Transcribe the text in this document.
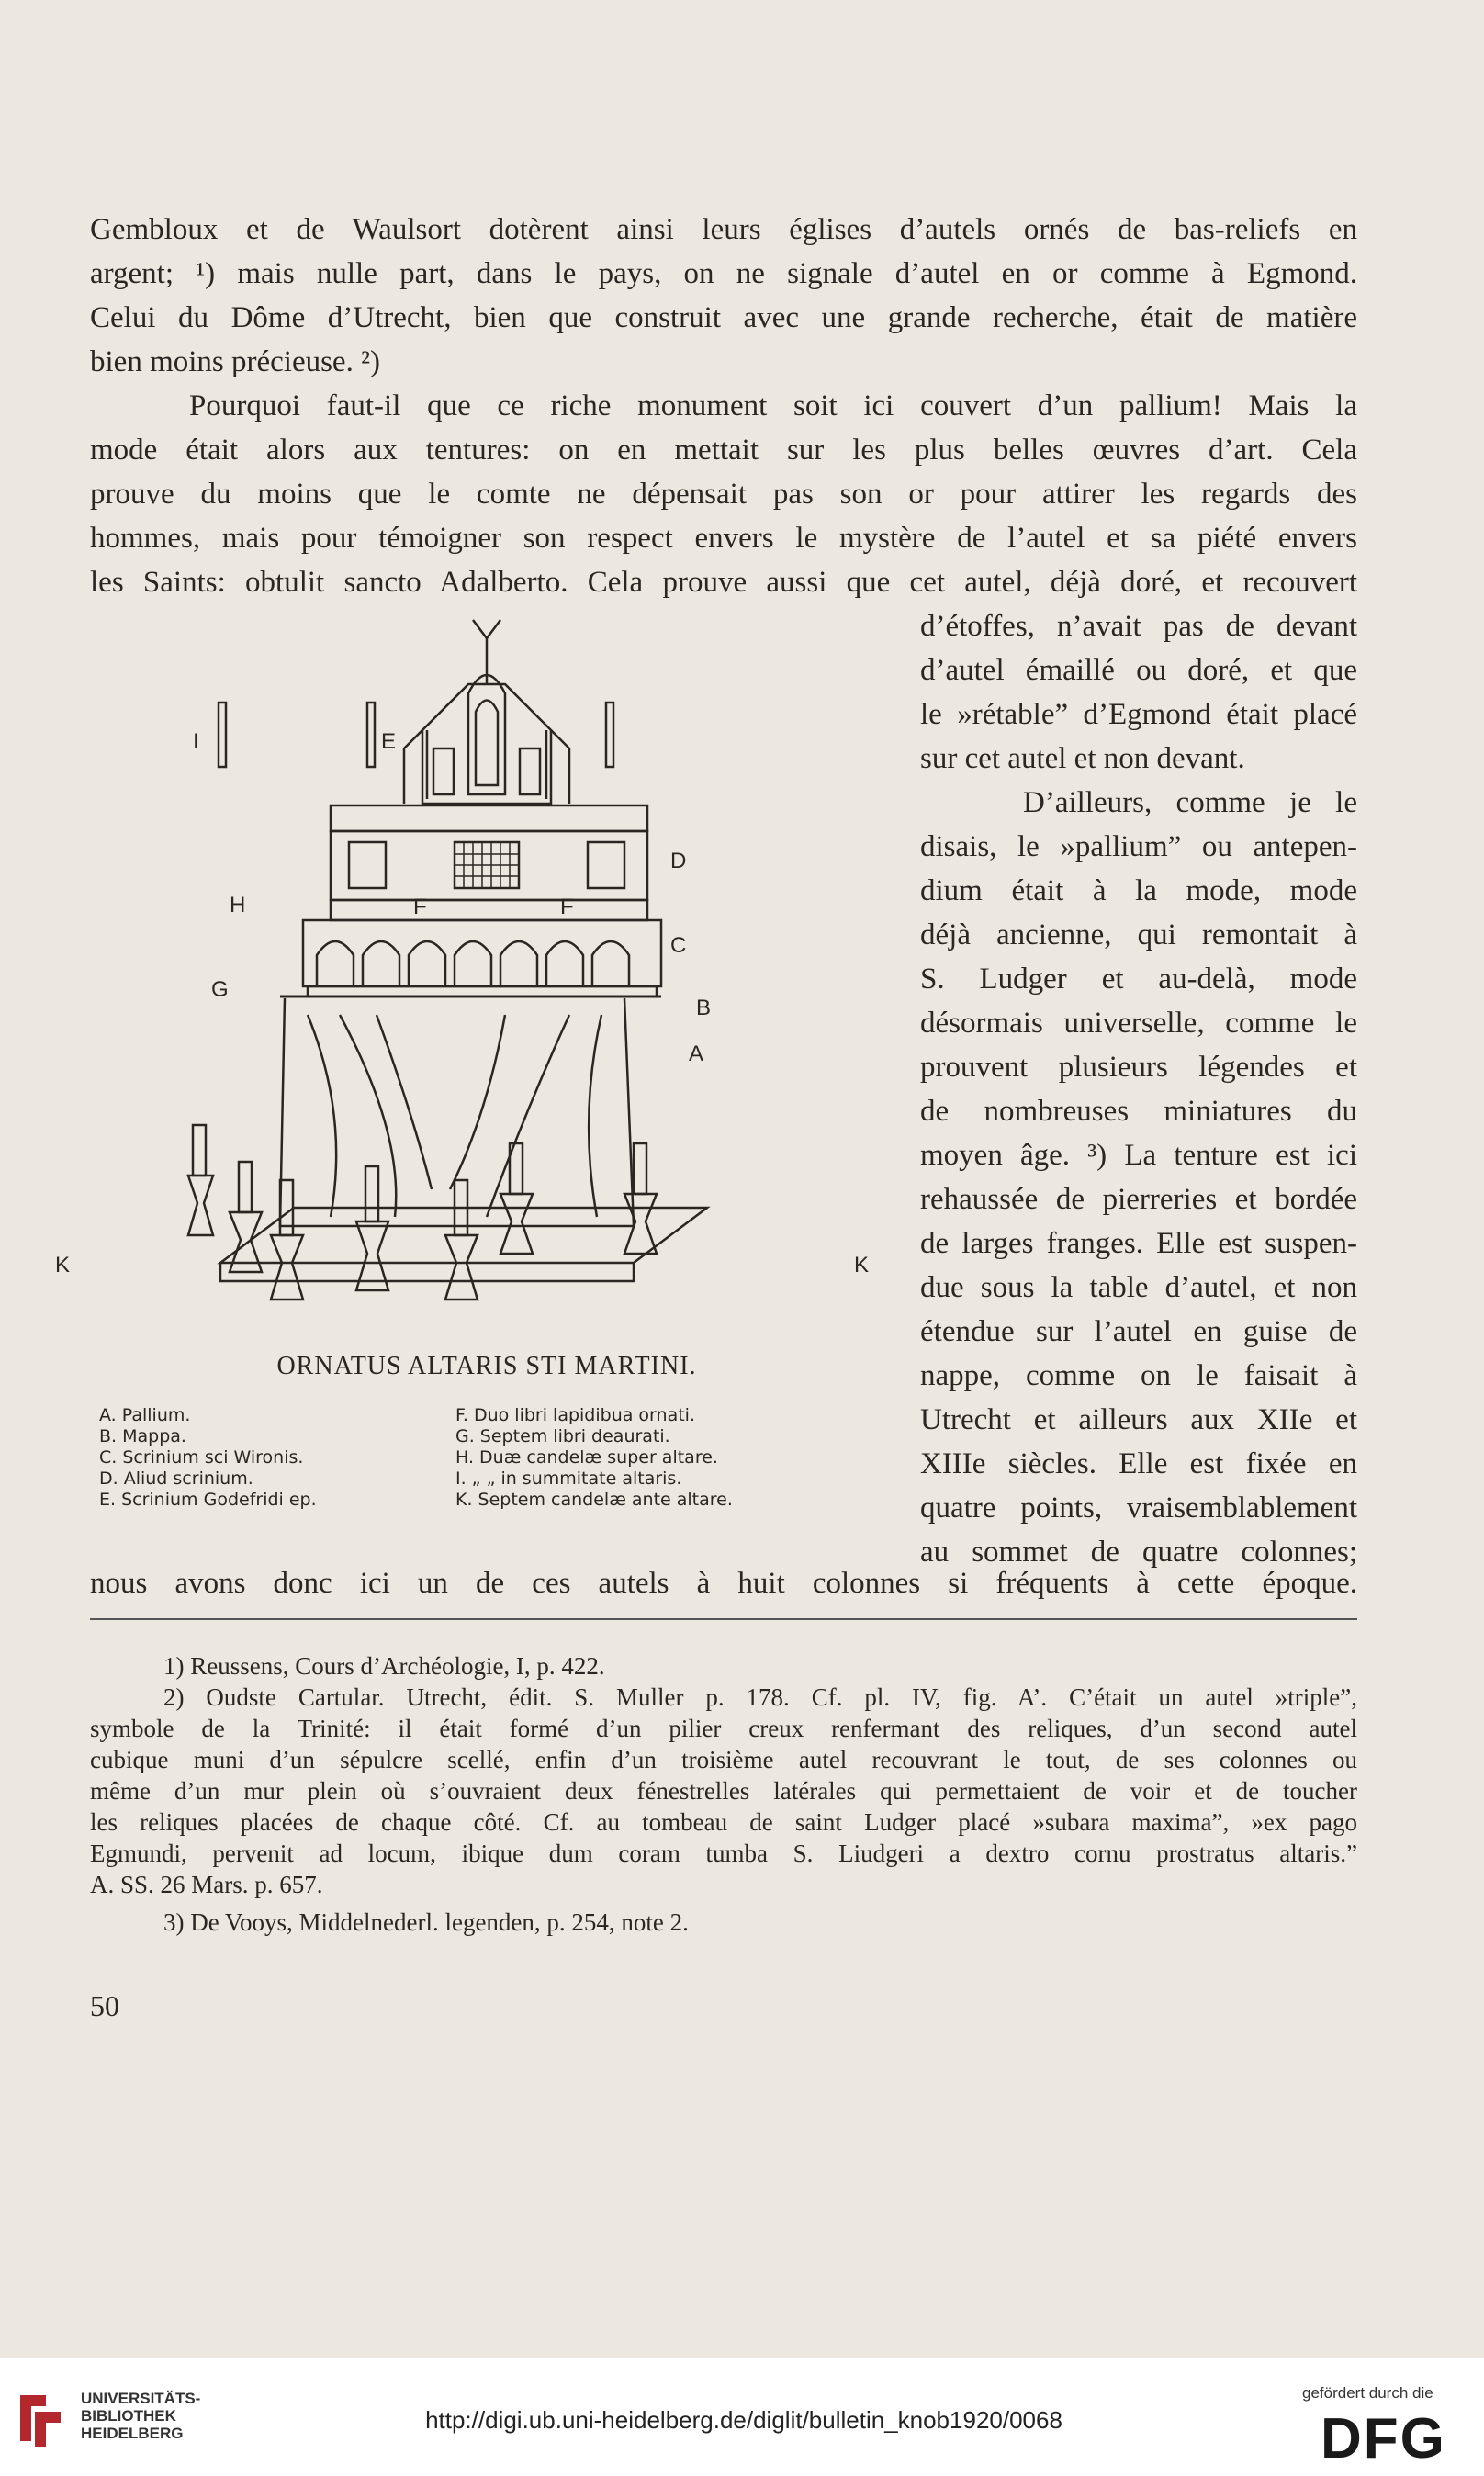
Gembloux et de Waulsort dotèrent ainsi leurs églises d’autels ornés de bas-reliefs en
argent; ¹) mais nulle part, dans le pays, on ne signale d’autel en or comme à Egmond.
Celui du Dôme d’Utrecht, bien que construit avec une grande recherche, était de matière
bien moins précieuse. ²)
Pourquoi faut-il que ce riche monument soit ici couvert d’un pallium! Mais la
mode était alors aux tentures: on en mettait sur les plus belles œuvres d’art. Cela
prouve du moins que le comte ne dépensait pas son or pour attirer les regards des
hommes, mais pour témoigner son respect envers le mystère de l’autel et sa piété envers
les Saints: obtulit sancto Adalberto. Cela prouve aussi que cet autel, déjà doré, et recouvert
d’étoffes, n’avait pas de devant
d’autel émaillé ou doré, et que
le »rétable” d’Egmond était placé
sur cet autel et non devant.
D’ailleurs, comme je le
disais, le »pallium” ou antepen-
dium était à la mode, mode
déjà ancienne, qui remontait à
S. Ludger et au-delà, mode
désormais universelle, comme le
prouvent plusieurs légendes et
de nombreuses miniatures du
moyen âge. ³) La tenture est ici
rehaussée de pierreries et bordée
de larges franges. Elle est suspen-
due sous la table d’autel, et non
étendue sur l’autel en guise de
nappe, comme on le faisait à
Utrecht et ailleurs aux XIIe et
XIIIe siècles. Elle est fixée en
quatre points, vraisemblablement
au sommet de quatre colonnes;
nous avons donc ici un de ces autels à huit colonnes si fréquents à cette époque.
I	E
D
H	F	F
C
G
B
A
K	K
ORNATUS ALTARIS STI MARTINI.
A. Pallium.
B. Mappa.
C. Scrinium sci Wironis.
D. Aliud scrinium.
E. Scrinium Godefridi ep.
F. Duo libri lapidibua ornati.
G. Septem libri deaurati.
H. Duæ candelæ super altare.
I. „ „ in summitate altaris.
K. Septem candelæ ante altare.
1) Reussens, Cours d’Archéologie, I, p. 422.
2) Oudste Cartular. Utrecht, édit. S. Muller p. 178. Cf. pl. IV, fig. A’. C’était un autel »triple”,
symbole de la Trinité: il était formé d’un pilier creux renfermant des reliques, d’un second autel
cubique muni d’un sépulcre scellé, enfin d’un troisième autel recouvrant le tout, de ses colonnes ou
même d’un mur plein où s’ouvraient deux fénestrelles latérales qui permettaient de voir et de toucher
les reliques placées de chaque côté. Cf. au tombeau de saint Ludger placé »subara maxima”, »ex pago
Egmundi, pervenit ad locum, ibique dum coram tumba S. Liudgeri a dextro cornu prostratus altaris.”
A. SS. 26 Mars. p. 657.
3) De Vooys, Middelnederl. legenden, p. 254, note 2.
50
UNIVERSITÄTS-
BIBLIOTHEK
HEIDELBERG	http://digi.ub.uni-heidelberg.de/diglit/bulletin_knob1920/0068
gefördert durch die
DFG
